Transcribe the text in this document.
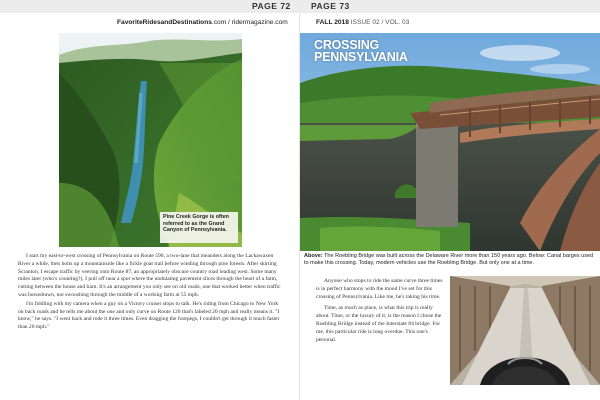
PAGE 72 PAGE 73
FavoriteRidesandDestinations.com / ridermagazine.com	FALL 2018 ISSUE 02 / VOL. 03
Pine Creek Gorge is often referred to as the Grand Canyon of Pennsylvania.

I start my east-to-west crossing of Pennsylvania on Route 590, a two-lane that meanders along the Lackawaxen River a while, then bolts up a mountainside like a fickle goat trail before winding through pine forests. After skirting Scranton, I escape traffic by veering onto Route 87, an appropriately obscure country road leading west. Some many miles later (who's counting?), I pull off near a spot where the undulating pavement slices through the heart of a farm, cutting between the house and barn. It's an arrangement you only see on old roads, one that worked better when traffic was horsedrawn, not swooshing through the middle of a working farm at 55 mph.

I'm fiddling with my camera when a guy on a Victory cruiser stops to talk. He's riding from Chicago to New York on back roads and he tells me about the one and only curve on Route 120 that's labeled 20 mph and really means it. "I know," he says. "I went back and rode it three times. Even dragging the footpegs, I couldn't get through it much faster than 20 mph."

CROSSING
PENNSYLVANIA
Above: The Roebling Bridge was built across the Delaware River more than 150 years ago. Below: Canal barges used to make this crossing. Today, modern vehicles use the Roebling Bridge. But only one at a time.

Anyone who stops to ride the same curve three times is in perfect harmony with the mood I've set for this crossing of Pennsylvania. Like me, he's taking his time.

Time, as much as place, is what this trip is really about. Time, or the luxury of it, is the reason I chose the Roebling Bridge instead of the Interstate 84 bridge. For me, this particular ride is long overdue. This one's personal.
